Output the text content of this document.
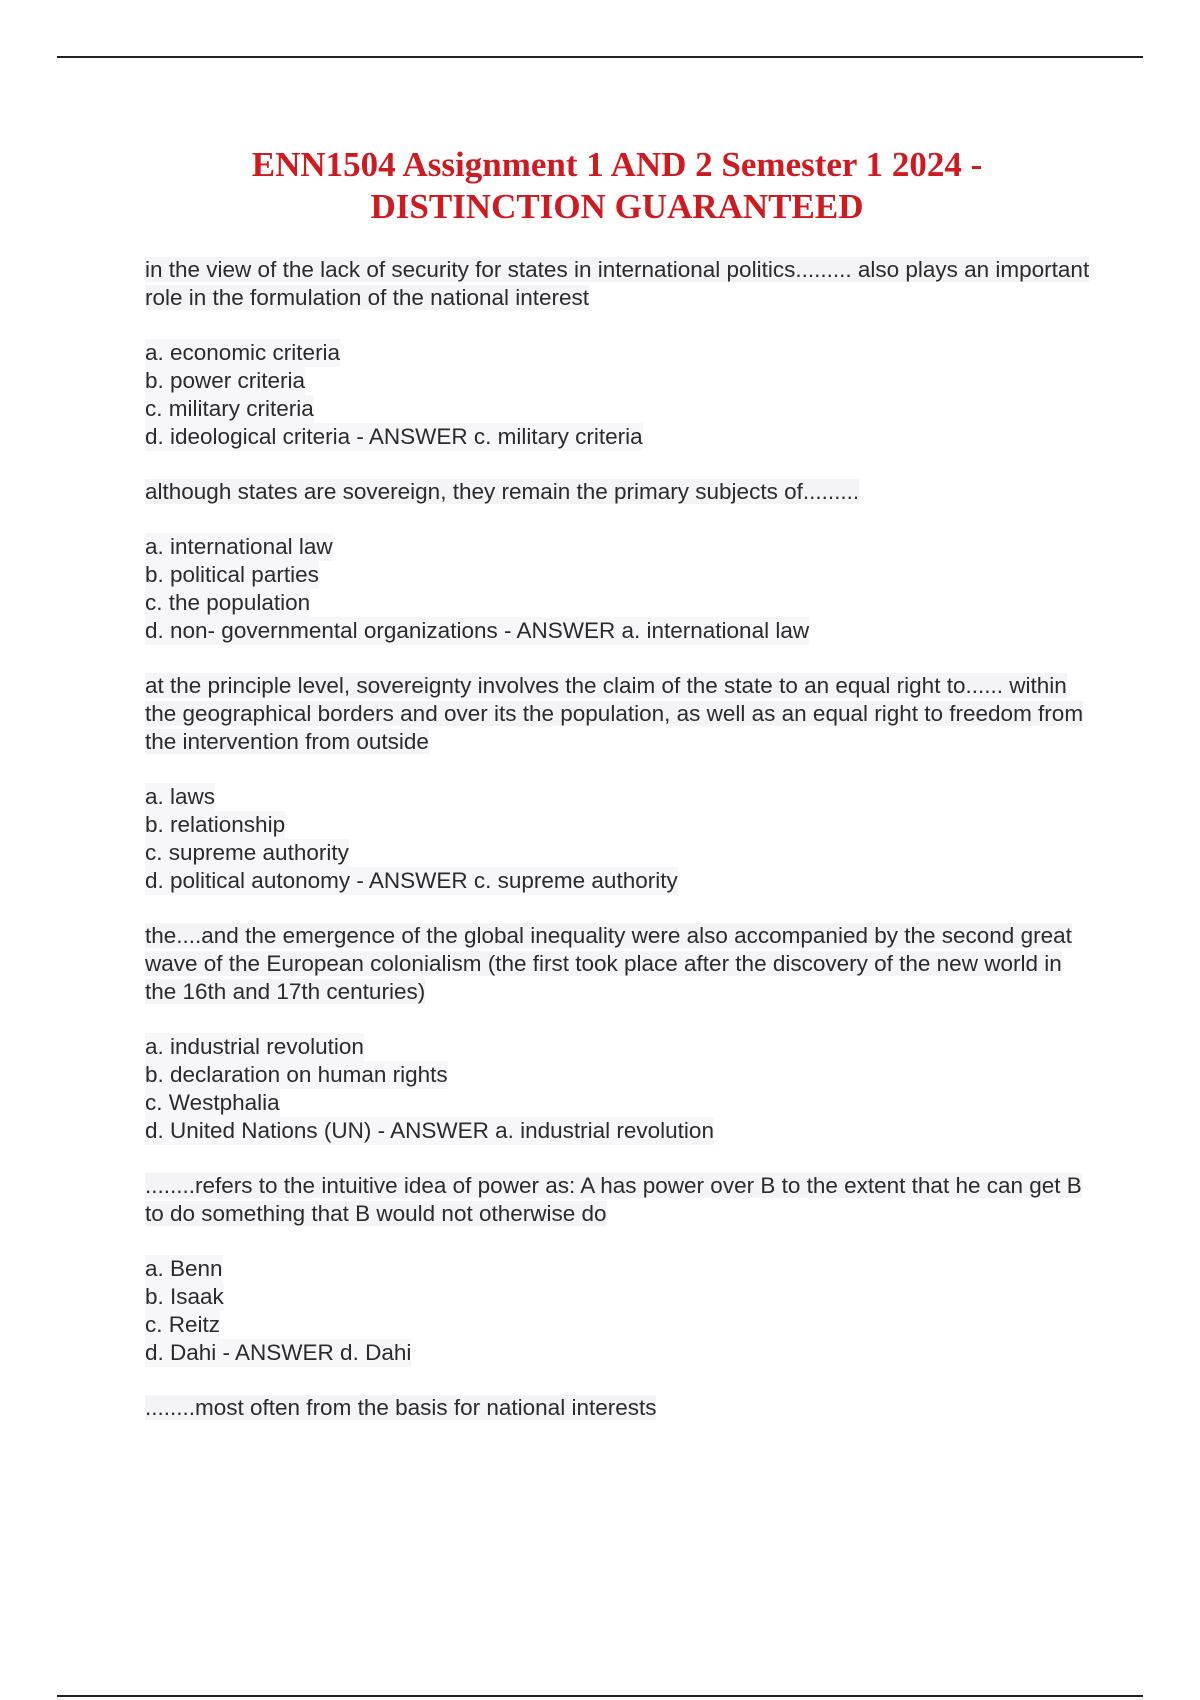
ENN1504 Assignment 1 AND 2 Semester 1 2024 -
DISTINCTION GUARANTEED
in the view of the lack of security for states in international politics......... also plays an important role in the formulation of the national interest
a. economic criteria
b. power criteria
c. military criteria
d. ideological criteria - ANSWER c. military criteria
although states are sovereign, they remain the primary subjects of.........
a. international law
b. political parties
c. the population
d. non- governmental organizations - ANSWER a. international law
at the principle level, sovereignty involves the claim of the state to an equal right to...... within the geographical borders and over its the population, as well as an equal right to freedom from the intervention from outside
a. laws
b. relationship
c. supreme authority
d. political autonomy - ANSWER c. supreme authority
the....and the emergence of the global inequality were also accompanied by the second great wave of the European colonialism (the first took place after the discovery of the new world in the 16th and 17th centuries)
a. industrial revolution
b. declaration on human rights
c. Westphalia
d. United Nations (UN) - ANSWER a. industrial revolution
........refers to the intuitive idea of power as: A has power over B to the extent that he can get B to do something that B would not otherwise do
a. Benn
b. Isaak
c. Reitz
d. Dahi - ANSWER d. Dahi
........most often from the basis for national interests
